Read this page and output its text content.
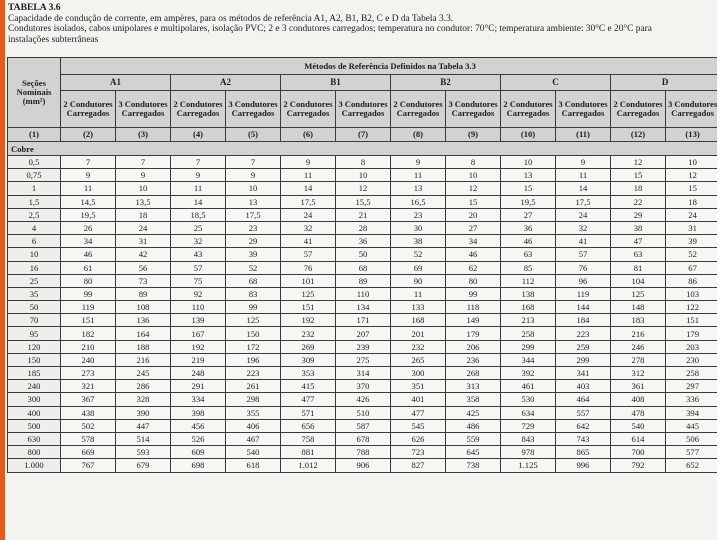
TABELA 3.6
Capacidade de condução de corrente, em ampères, para os métodos de referência A1, A2, B1, B2, C e D da Tabela 3.3.
Condutores isolados, cabos unipolares e multipolares, isolação PVC; 2 e 3 condutores carregados; temperatura no condutor: 70°C; temperatura ambiente: 30°C e 20°C para
instalações subterrâneas
Seções Nominais (mm²)	Métodos de Referência Definidos na Tabela 3.3											
	A1		A2		B1		B2		C		D	
	2 Condutores Carregados	3 Condutores Carregados	2 Condutores Carregados	3 Condutores Carregados	2 Condutores Carregados	3 Condutores Carregados	2 Condutores Carregados	3 Condutores Carregados	2 Condutores Carregados	3 Condutores Carregados	2 Condutores Carregados	3 Condutores Carregados
(1)	(2)	(3)	(4)	(5)	(6)	(7)	(8)	(9)	(10)	(11)	(12)	(13)
Cobre												
0,5	7	7	7	7	9	8	9	8	10	9	12	10
0,75	9	9	9	9	11	10	11	10	13	11	15	12
1	11	10	11	10	14	12	13	12	15	14	18	15
1,5	14,5	13,5	14	13	17,5	15,5	16,5	15	19,5	17,5	22	18
2,5	19,5	18	18,5	17,5	24	21	23	20	27	24	29	24
4	26	24	25	23	32	28	30	27	36	32	38	31
6	34	31	32	29	41	36	38	34	46	41	47	39
10	46	42	43	39	57	50	52	46	63	57	63	52
16	61	56	57	52	76	68	69	62	85	76	81	67
25	80	73	75	68	101	89	90	80	112	96	104	86
35	99	89	92	83	125	110	11	99	138	119	125	103
50	119	108	110	99	151	134	133	118	168	144	148	122
70	151	136	139	125	192	171	168	149	213	184	183	151
95	182	164	167	150	232	207	201	179	258	223	216	179
120	210	188	192	172	269	239	232	206	299	259	246	203
150	240	216	219	196	309	275	265	236	344	299	278	230
185	273	245	248	223	353	314	300	268	392	341	312	258
240	321	286	291	261	415	370	351	313	461	403	361	297
300	367	328	334	298	477	426	401	358	530	464	408	336
400	438	390	398	355	571	510	477	425	634	557	478	394
500	502	447	456	406	656	587	545	486	729	642	540	445
630	578	514	526	467	758	678	626	559	843	743	614	506
800	669	593	609	540	881	788	723	645	978	865	700	577
1.000	767	679	698	618	1.012	906	827	738	1.125	996	792	652
